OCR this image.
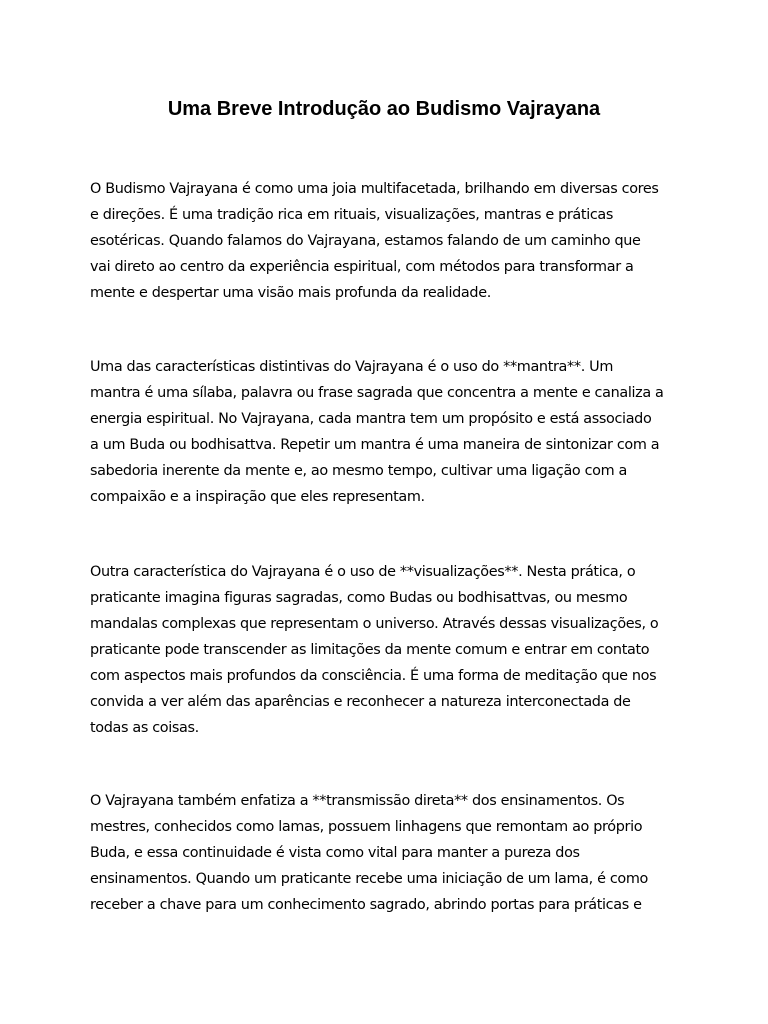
Uma Breve Introdução ao Budismo Vajrayana
O Budismo Vajrayana é como uma joia multifacetada, brilhando em diversas cores
e direções. É uma tradição rica em rituais, visualizações, mantras e práticas
esotéricas. Quando falamos do Vajrayana, estamos falando de um caminho que
vai direto ao centro da experiência espiritual, com métodos para transformar a
mente e despertar uma visão mais profunda da realidade.
Uma das características distintivas do Vajrayana é o uso do **mantra**. Um
mantra é uma sílaba, palavra ou frase sagrada que concentra a mente e canaliza a
energia espiritual. No Vajrayana, cada mantra tem um propósito e está associado
a um Buda ou bodhisattva. Repetir um mantra é uma maneira de sintonizar com a
sabedoria inerente da mente e, ao mesmo tempo, cultivar uma ligação com a
compaixão e a inspiração que eles representam.
Outra característica do Vajrayana é o uso de **visualizações**. Nesta prática, o
praticante imagina figuras sagradas, como Budas ou bodhisattvas, ou mesmo
mandalas complexas que representam o universo. Através dessas visualizações, o
praticante pode transcender as limitações da mente comum e entrar em contato
com aspectos mais profundos da consciência. É uma forma de meditação que nos
convida a ver além das aparências e reconhecer a natureza interconectada de
todas as coisas.
O Vajrayana também enfatiza a **transmissão direta** dos ensinamentos. Os
mestres, conhecidos como lamas, possuem linhagens que remontam ao próprio
Buda, e essa continuidade é vista como vital para manter a pureza dos
ensinamentos. Quando um praticante recebe uma iniciação de um lama, é como
receber a chave para um conhecimento sagrado, abrindo portas para práticas e
